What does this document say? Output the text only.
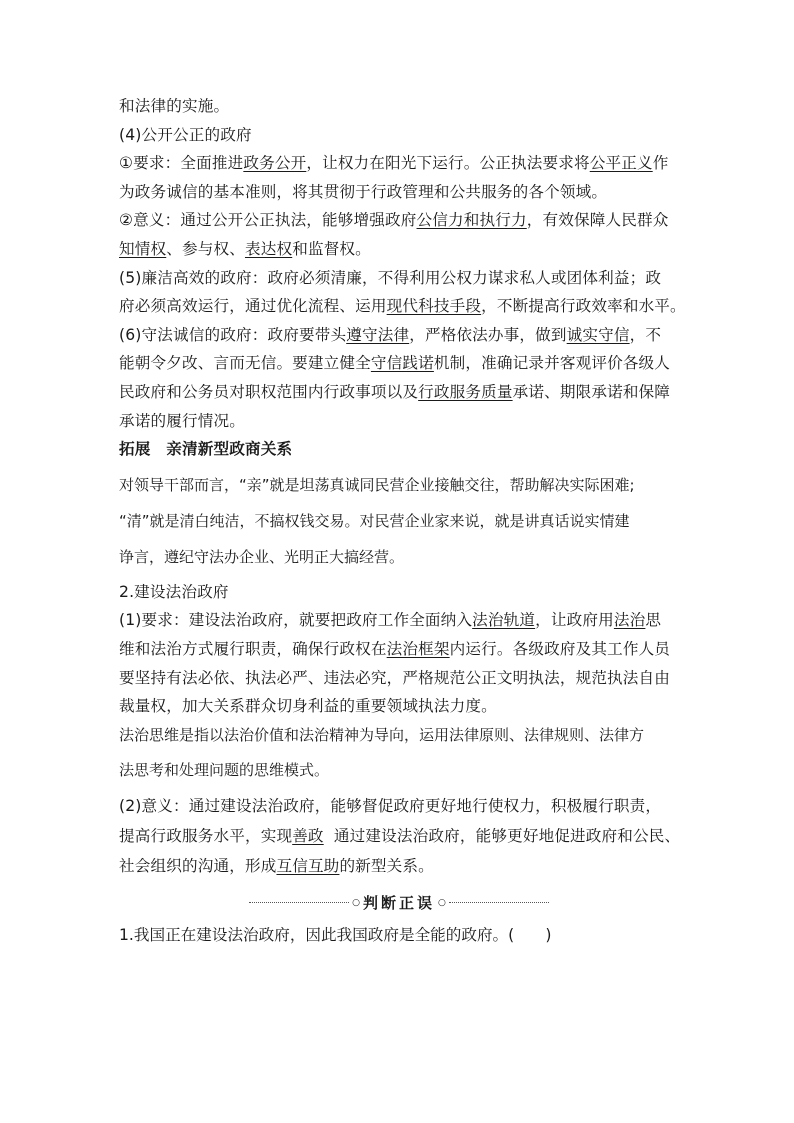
和法律的实施。
(4)公开公正的政府
①要求：全面推进政务公开，让权力在阳光下运行。公正执法要求将公平正义作
为政务诚信的基本准则，将其贯彻于行政管理和公共服务的各个领域。
②意义：通过公开公正执法，能够增强政府公信力和执行力，有效保障人民群众
知情权、参与权、表达权和监督权。
(5)廉洁高效的政府：政府必须清廉，不得利用公权力谋求私人或团体利益；政
府必须高效运行，通过优化流程、运用现代科技手段，不断提高行政效率和水平。
(6)守法诚信的政府：政府要带头遵守法律，严格依法办事，做到诚实守信，不
能朝令夕改、言而无信。要建立健全守信践诺机制，准确记录并客观评价各级人
民政府和公务员对职权范围内行政事项以及行政服务质量承诺、期限承诺和保障
承诺的履行情况。
拓展　亲清新型政商关系
对领导干部而言，“亲”就是坦荡真诚同民营企业接触交往，帮助解决实际困难;
“清”就是清白纯洁，不搞权钱交易。对民营企业家来说，就是讲真话说实情建
诤言，遵纪守法办企业、光明正大搞经营。
2.建设法治政府
(1)要求：建设法治政府，就要把政府工作全面纳入法治轨道，让政府用法治思
维和法治方式履行职责，确保行政权在法治框架内运行。各级政府及其工作人员
要坚持有法必依、执法必严、违法必究，严格规范公正文明执法，规范执法自由
裁量权，加大关系群众切身利益的重要领域执法力度。
法治思维是指以法治价值和法治精神为导向，运用法律原则、法律规则、法律方
法思考和处理问题的思维模式。
(2)意义：通过建设法治政府，能够督促政府更好地行使权力，积极履行职责，
提高行政服务水平，实现善政  通过建设法治政府，能够更好地促进政府和公民、
社会组织的沟通，形成互信互助的新型关系。
○ 判断正误 ○
1.我国正在建设法治政府，因此我国政府是全能的政府。(　　)
